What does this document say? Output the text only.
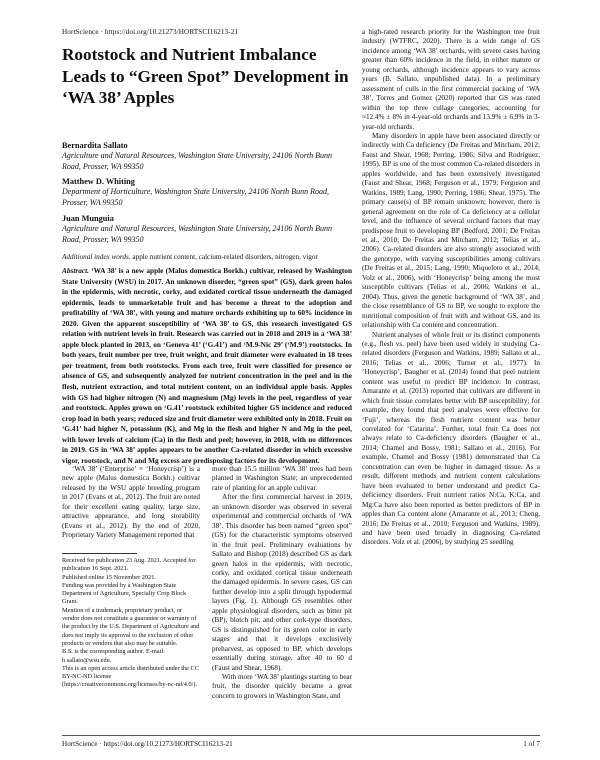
HortScience · https://doi.org/10.21273/HORTSCI16213-21
Rootstock and Nutrient Imbalance Leads to “Green Spot” Development in ‘WA 38’ Apples
Bernardita Sallato
Agriculture and Natural Resources, Washington State University, 24106 North Bunn Road, Prosser, WA 99350
Matthew D. Whiting
Department of Horticulture, Washington State University, 24106 North Bunn Road, Prosser, WA 99350
Juan Munguia
Agriculture and Natural Resources, Washington State University, 24106 North Bunn Road, Prosser, WA 99350
Additional index words. apple nutrient content, calcium-related disorders, nitrogen, vigor

Abstract. ‘WA 38’ is a new apple (Malus domestica Borkh.) cultivar, released by Washington State University (WSU) in 2017. An unknown disorder, “green spot” (GS), dark green halos in the epidermis, with necrotic, corky, and oxidated cortical tissue underneath the damaged epidermis, leads to unmarketable fruit and has become a threat to the adoption and profitability of ‘WA 38’, with young and mature orchards exhibiting up to 60% incidence in 2020. Given the apparent susceptibility of ‘WA 38’ to GS, this research investigated GS relation with nutrient levels in fruit. Research was carried out in 2018 and 2019 in a ‘WA 38’ apple block planted in 2013, on ‘Geneva 41’ (‘G.41’) and ‘M.9-Nic 29’ (‘M.9’) rootstocks. In both years, fruit number per tree, fruit weight, and fruit diameter were evaluated in 18 trees per treatment, from both rootstocks. From each tree, fruit were classified for presence or absence of GS, and subsequently analyzed for nutrient concentration in the peel and in the flesh, nutrient extraction, and total nutrient content, on an individual apple basis. Apples with GS had higher nitrogen (N) and magnesium (Mg) levels in the peel, regardless of year and rootstock. Apples grown on ‘G.41’ rootstock exhibited higher GS incidence and reduced crop load in both years; reduced size and fruit diameter were exhibited only in 2018. Fruit on ‘G.41’ had higher N, potassium (K), and Mg in the flesh and higher N and Mg in the peel, with lower levels of calcium (Ca) in the flesh and peel; however, in 2018, with no differences in 2019. GS in ‘WA 38’ apples appears to be another Ca-related disorder in which excessive vigor, rootstock, and N and Mg excess are predisposing factors for its development.

‘WA 38’ (‘Enterprise’ × ‘Honeycrisp’) is a new apple (Malus domestica Borkh.) cultivar released by the WSU apple breeding program in 2017 (Evans et al., 2012). The fruit are noted for their excellent eating quality, large size, attractive appearance, and long storability (Evans et al., 2012). By the end of 2020, Proprietary Variety Management reported that

Received for publication 23 Aug. 2021. Accepted for publication 16 Sept. 2021.

Published online 15 November 2021.

Funding was provided by a Washington State Department of Agriculture, Specialty Crop Block Grant.

Mention of a trademark, proprietary product, or vendor does not constitute a guarantee or warranty of the product by the U.S. Department of Agriculture and does not imply its approval to the exclusion of other products or vendors that also may be suitable.

B.S. is the corresponding author. E-mail: b.sallato@wsu.edu.

This is an open access article distributed under the CC BY-NC-ND license (https://creativecommons.org/licenses/by-nc-nd/4.0/).

more than 15.5 million ‘WA 38’ trees had been planted in Washington State; an unprecedented rate of planting for an apple cultivar.

After the first commercial harvest in 2019, an unknown disorder was observed in several experimental and commercial orchards of ‘WA 38’. This disorder has been named “green spot” (GS) for the characteristic symptoms observed in the fruit peel. Preliminary evaluations by Sallato and Bishop (2018) described GS as dark green halos in the epidermis, with necrotic, corky, and oxidated cortical tissue underneath the damaged epidermis. In severe cases, GS can further develop into a split through hypodermal layers (Fig. 1). Although GS resembles other apple physiological disorders, such as bitter pit (BP), blotch pit, and other cork-type disorders, GS is distinguished for its green color in early stages and that it develops exclusively preharvest, as opposed to BP, which develops essentially during storage, after 40 to 60 d (Faust and Shear, 1968).

With more ‘WA 38’ plantings starting to bear fruit, the disorder quickly became a great concern to growers in Washington State, and

a high-rated research priority for the Washington tree fruit industry (WTFRC, 2020). There is a wide range of GS incidence among ‘WA 38’ orchards, with severe cases having greater than 60% incidence in the field, in either mature or young orchards, although incidence appears to vary across years (B. Sallato, unpublished data). In a preliminary assessment of culls in the first commercial packing of ‘WA 38’, Torres and Gomez (2020) reported that GS was rated within the top three cullage categories, accounting for ≈12.4% ± 8% in 4-year-old orchards and 13.9% ± 6.9% in 3-year-old orchards.

Many disorders in apple have been associated directly or indirectly with Ca deficiency (De Freitas and Mitcham, 2012; Faust and Shear, 1968; Perring, 1986; Silva and Rodríguez, 1995). BP is one of the most common Ca-related disorders in apples worldwide, and has been extensively investigated (Faust and Shear, 1968; Ferguson et al., 1979; Ferguson and Watkins, 1989; Lang, 1990; Perring, 1986; Shear, 1975). The primary cause(s) of BP remain unknown; however, there is general agreement on the role of Ca deficiency at a cellular level, and the influence of several orchard factors that may predispose fruit to developing BP (Bedford, 2001; De Freitas et al., 2010; De Freitas and Mitcham, 2012; Telias et al., 2006). Ca-related disorders are also strongly associated with the genotype, with varying susceptibilities among cultivars (De Freitas et al., 2015; Lang, 1990; Miqueloto et al., 2014; Volz et al., 2006), with ‘Honeycrisp’ being among the most susceptible cultivars (Telias et al., 2006; Watkins et al., 2004). Thus, given the genetic background of ‘WA 38’, and the close resemblance of GS to BP, we sought to explore the nutritional composition of fruit with and without GS, and its relationship with Ca content and concentration.

Nutrient analyses of whole fruit or its distinct components (e.g., flesh vs. peel) have been used widely in studying Ca-related disorders (Ferguson and Watkins, 1989; Sallato et al., 2016; Telias et al., 2006; Turner et al., 1977). In ‘Honeycrisp’, Baugher et al. (2014) found that peel nutrient content was useful to predict BP incidence. In contrast, Amarante et al. (2013) reported that cultivars are different in which fruit tissue correlates better with BP susceptibility; for example, they found that peel analyses were effective for ‘Fuji’, whereas the flesh nutrient content was better correlated for ‘Catarina’. Further, total fruit Ca does not always relate to Ca-deficiency disorders (Baugher et al., 2014; Chamel and Bossy, 1981; Sallato et al., 2016). For example, Chamel and Bossy (1981) demonstrated that Ca concentration can even be higher in damaged tissue. As a result, different methods and nutrient content calculations have been evaluated to better understand and predict Ca-deficiency disorders. Fruit nutrient ratios N:Ca, K:Ca, and Mg:Ca have also been reported as better predictors of BP in apples than Ca content alone (Amarante et al., 2013; Cheng, 2016; De Freitas et al., 2010; Ferguson and Watkins, 1989), and have been used broadly in diagnosing Ca-related disorders. Volz et al. (2006), by studying 25 seedling

HortScience · https://doi.org/10.21273/HORTSCI16213-21	1 of 7
